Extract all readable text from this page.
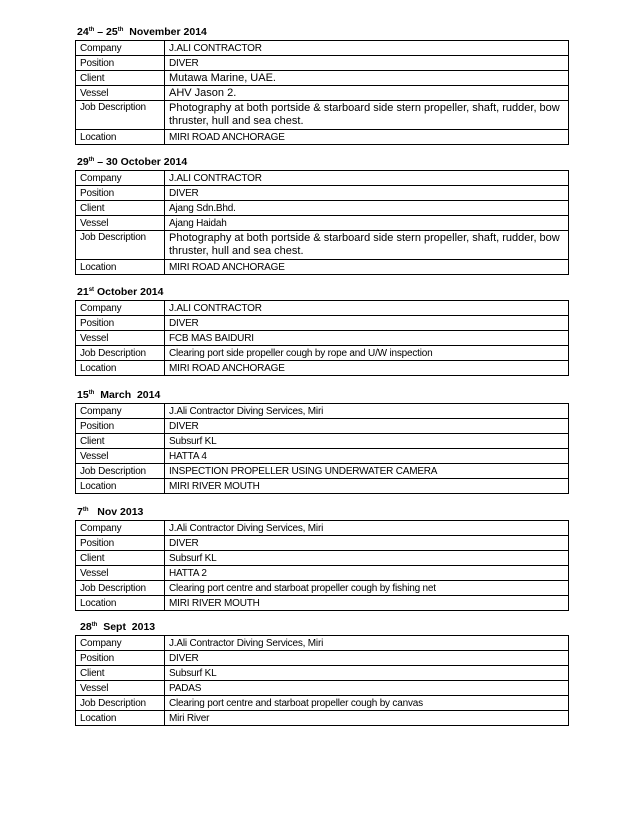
24th – 25th  November 2014
Company	J.ALI CONTRACTOR
Position	DIVER
Client	Mutawa Marine, UAE.
Vessel	AHV Jason 2.
Job Description	Photography at both portside & starboard side stern propeller, shaft, rudder, bow thruster, hull and sea chest.
Location	MIRI ROAD ANCHORAGE
29th – 30 October 2014
Company	J.ALI CONTRACTOR
Position	DIVER
Client	Ajang Sdn.Bhd.
Vessel	Ajang Haidah
Job Description	Photography at both portside & starboard side stern propeller, shaft, rudder, bow thruster, hull and sea chest.
Location	MIRI ROAD ANCHORAGE
21st October 2014
Company	J.ALI CONTRACTOR
Position	DIVER
Vessel	FCB MAS BAIDURI
Job Description	Clearing port side propeller cough by rope and U/W inspection
Location	MIRI ROAD ANCHORAGE
15th  March  2014
Company	J.Ali Contractor Diving Services, Miri
Position	DIVER
Client	Subsurf KL
Vessel	HATTA 4
Job Description	INSPECTION PROPELLER USING UNDERWATER CAMERA
Location	MIRI RIVER MOUTH
7th   Nov 2013
Company	J.Ali Contractor Diving Services, Miri
Position	DIVER
Client	Subsurf KL
Vessel	HATTA 2
Job Description	Clearing port centre and starboat propeller cough by fishing net
Location	MIRI RIVER MOUTH
28th  Sept  2013
Company	J.Ali Contractor Diving Services, Miri
Position	DIVER
Client	Subsurf KL
Vessel	PADAS
Job Description	Clearing port centre and starboat propeller cough by canvas
Location	Miri River
